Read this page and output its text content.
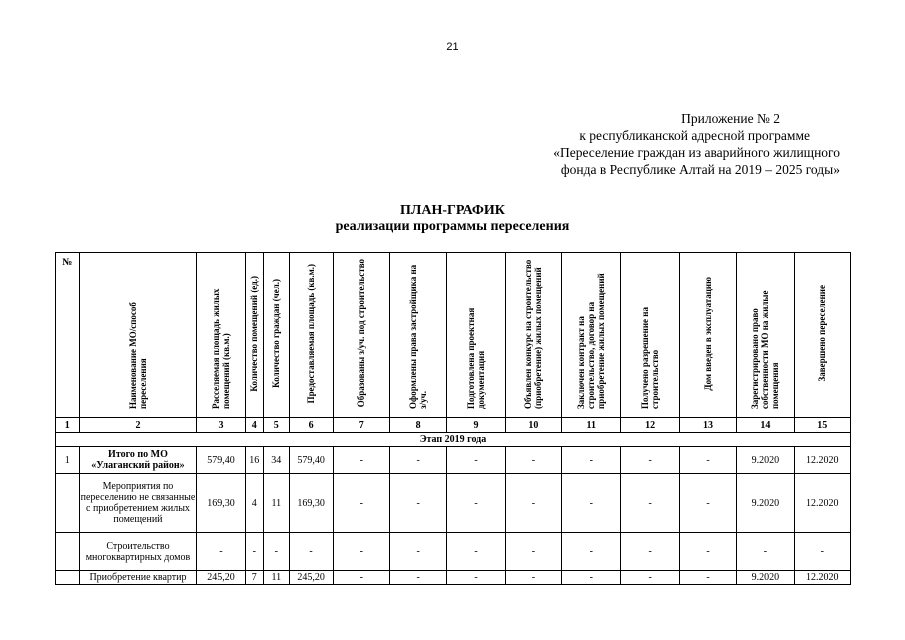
21
Приложение № 2
к республиканской адресной программе
«Переселение граждан из аварийного жилищного
фонда в Республике Алтай на 2019 – 2025 годы»
ПЛАН-ГРАФИК
реализации программы переселения
№	Наименование МО/способ переселения	Расселяемая площадь жилых помещений (кв.м.)	Количество помещений (ед.)	Количество граждан (чел.)	Предоставляемая площадь (кв.м.)	Образованы з/уч. под строительство	Оформлены права застройщика на з/уч.	Подготовлена проектная документация	Объявлен конкурс на строительство (приобретение) жилых помещений	Заключен контракт на строительство, договор на приобретение жилых помещений	Получено разрешение на строительство	Дом введен в эксплуатацию	Зарегистрировано право собственности МО на жилые помещения	Завершено переселение
1	2	3	4	5	6	7	8	9	10	11	12	13	14	15
Этап 2019 года														
1	Итого по МО «Улаганский район»	579,40	16	34	579,40	-	-	-	-	-	-	-	9.2020	12.2020
	Мероприятия по переселению не связанные с приобретением жилых помещений	169,30	4	11	169,30	-	-	-	-	-	-	-	9.2020	12.2020
	Строительство многоквартирных домов	-	-	-	-	-	-	-	-	-	-	-	-	-
	Приобретение квартир	245,20	7	11	245,20	-	-	-	-	-	-	-	9.2020	12.2020
